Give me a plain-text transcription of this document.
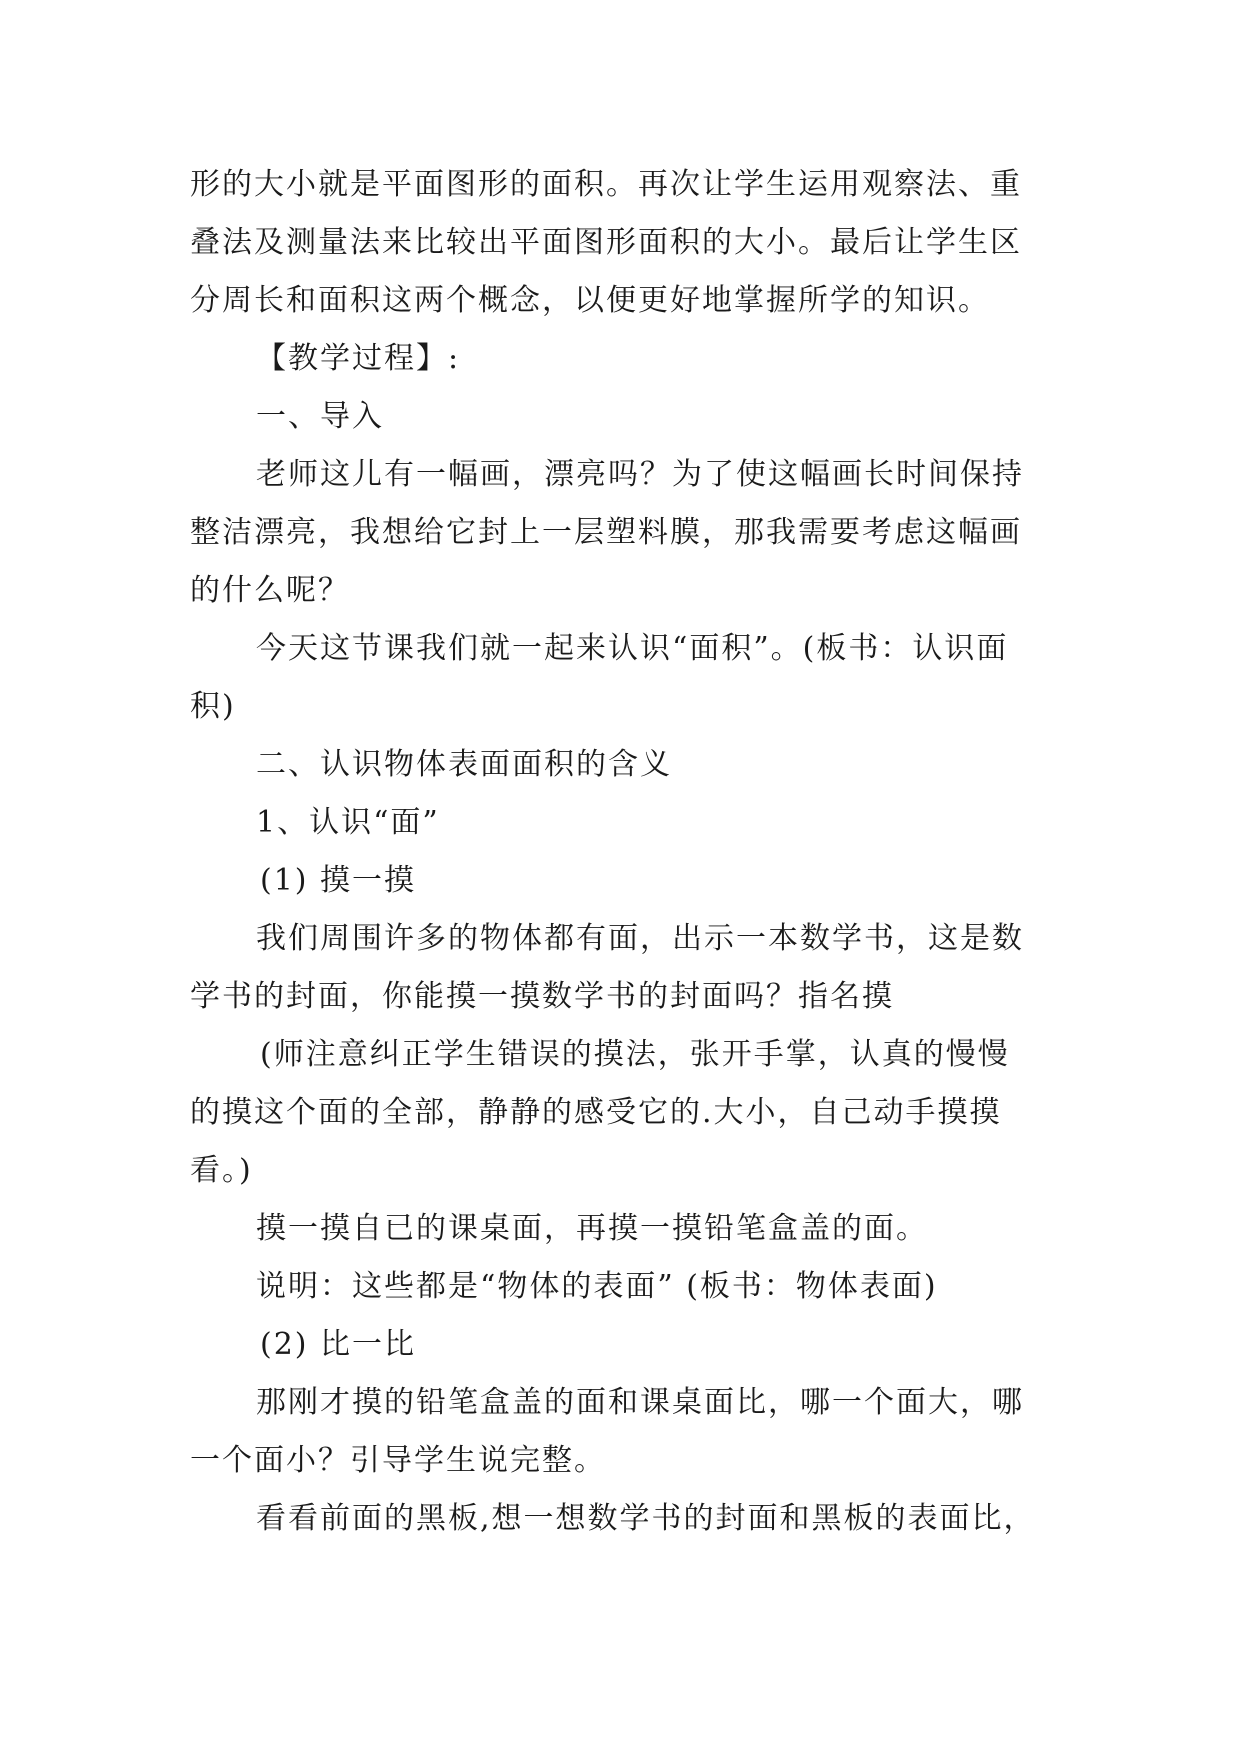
形的大小就是平面图形的面积。再次让学生运用观察法、重
叠法及测量法来比较出平面图形面积的大小。最后让学生区
分周长和面积这两个概念，以便更好地掌握所学的知识。
【教学过程】:
一、导入
老师这儿有一幅画，漂亮吗？为了使这幅画长时间保持
整洁漂亮，我想给它封上一层塑料膜，那我需要考虑这幅画
的什么呢？
今天这节课我们就一起来认识“面积”。(板书：认识面
积)
二、认识物体表面面积的含义
1、认识“面”
(1) 摸一摸
我们周围许多的物体都有面，出示一本数学书，这是数
学书的封面，你能摸一摸数学书的封面吗？指名摸
(师注意纠正学生错误的摸法，张开手掌，认真的慢慢
的摸这个面的全部，静静的感受它的.大小，自己动手摸摸
看。)
摸一摸自已的课桌面，再摸一摸铅笔盒盖的面。
说明：这些都是“物体的表面” (板书：物体表面)
(2) 比一比
那刚才摸的铅笔盒盖的面和课桌面比，哪一个面大，哪
一个面小？引导学生说完整。
看看前面的黑板,想一想数学书的封面和黑板的表面比，
